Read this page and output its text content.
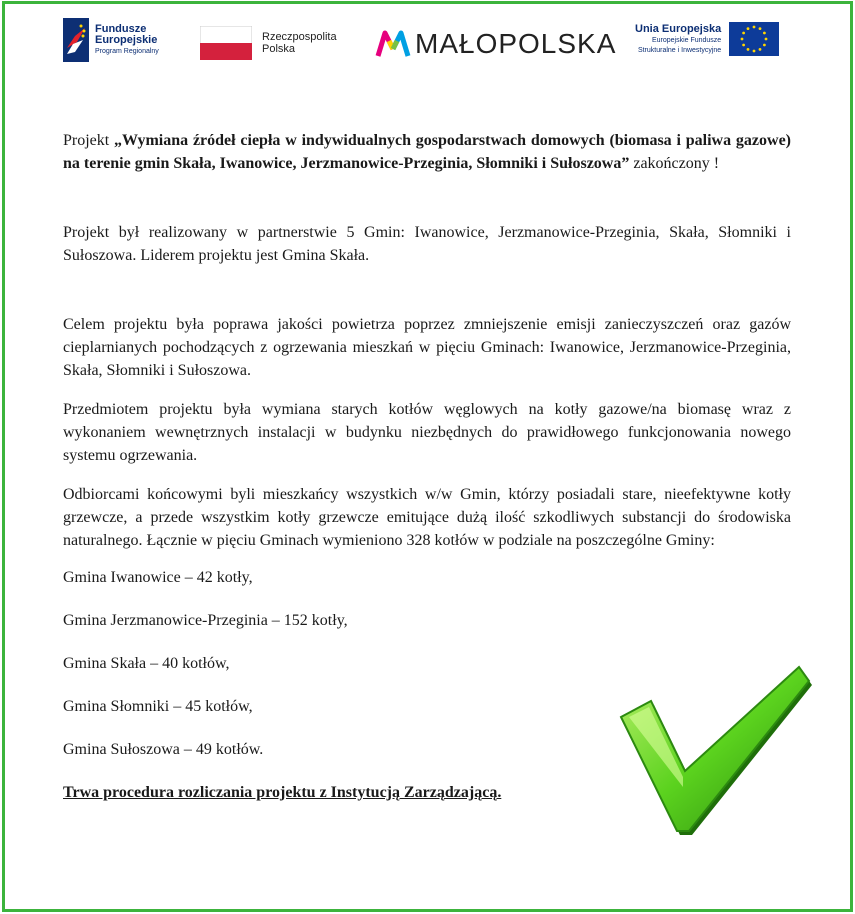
Fundusze
Europejskie
Program Regionalny
Rzeczpospolita
Polska	MAŁOPOLSKA Unia Europejska
Europejskie Fundusze
Strukturalne i Inwestycyjne

Projekt „Wymiana źródeł ciepła w indywidualnych gospodarstwach domowych (biomasa i paliwa gazowe) na terenie gmin Skała, Iwanowice, Jerzmanowice-Przeginia, Słomniki i Sułoszowa” zakończony !

Projekt był realizowany w partnerstwie 5 Gmin: Iwanowice, Jerzmanowice-Przeginia, Skała, Słomniki i Sułoszowa. Liderem projektu jest Gmina Skała.

Celem projektu była poprawa jakości powietrza poprzez zmniejszenie emisji zanieczyszczeń oraz gazów cieplarnianych pochodzących z ogrzewania mieszkań w pięciu Gminach: Iwanowice, Jerzmanowice-Przeginia, Skała, Słomniki i Sułoszowa.

Przedmiotem projektu była wymiana starych kotłów węglowych na kotły gazowe/na biomasę wraz z wykonaniem wewnętrznych instalacji w budynku niezbędnych do prawidłowego funkcjonowania nowego systemu ogrzewania.

Odbiorcami końcowymi byli mieszkańcy wszystkich w/w Gmin, którzy posiadali stare, nieefektywne kotły grzewcze, a przede wszystkim kotły grzewcze emitujące dużą ilość szkodliwych substancji do środowiska naturalnego. Łącznie w pięciu Gminach wymieniono 328 kotłów w podziale na poszczególne Gminy:

Gmina Iwanowice – 42 kotły,

Gmina Jerzmanowice-Przeginia – 152 kotły,

Gmina Skała – 40 kotłów,

Gmina Słomniki – 45 kotłów,

Gmina Sułoszowa – 49 kotłów.

Trwa procedura rozliczania projektu z Instytucją Zarządzającą.
